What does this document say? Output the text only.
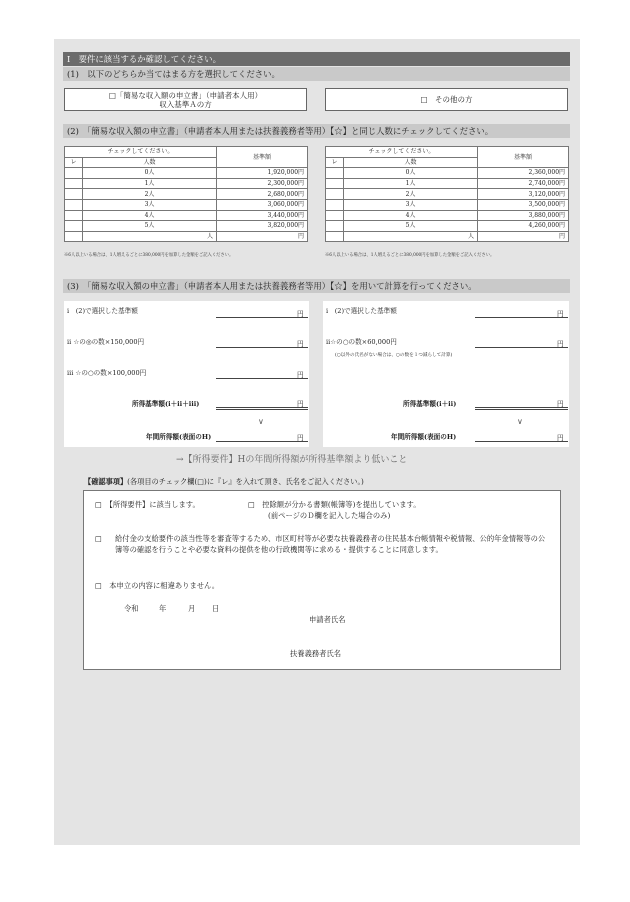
Ⅰ　要件に該当するか確認してください。
(1)　以下のどちらか当てはまる方を選択してください。
□「簡易な収入額の申立書」（申請者本人用）
収入基準Ａの方
□　その他の方
(2)　「簡易な収入額の申立書」（申請者本人用または扶養義務者等用）【☆】と同じ人数にチェックしてください。
チェックしてください。		基準額
レ	人数	
	0人	1,920,000円
	1人	2,300,000円
	2人	2,680,000円
	3人	3,060,000円
	4人	3,440,000円
	5人	3,820,000円
	人	円
※6人以上いる場合は、1人増えるごとに380,000円を加算した金額をご記入ください。
チェックしてください。		基準額
レ	人数	
	0人	2,360,000円
	1人	2,740,000円
	2人	3,120,000円
	3人	3,500,000円
	4人	3,880,000円
	5人	4,260,000円
	人	円
※6人以上いる場合は、1人増えるごとに380,000円を加算した金額をご記入ください。
(3)　「簡易な収入額の申立書」（申請者本人用または扶養義務者等用）【☆】を用いて計算を行ってください。
ⅰ　(2)で選択した基準額	円
ⅱ ☆の◎の数×150,000円	円
ⅲ ☆の○の数×100,000円	円
所得基準額(ⅰ＋ⅱ＋ⅲ)	円
∨
年間所得額(表面のH)	円
ⅰ　(2)で選択した基準額	円
ⅱ☆の○の数×60,000円	円
(○以外の氏名がない場合は、○の数を１つ減らして計算)
所得基準額(ⅰ＋ⅱ)	円
∨
年間所得額(表面のH)	円
→【所得要件】Hの年間所得額が所得基準額より低いこと
【確認事項】(各項目のチェック欄(□)に『レ』を入れて頂き、氏名をご記入ください。)
□　【所得要件】に該当します。	□　控除額が分かる書類(帳簿等)を提出しています。
(前ページのＤ欄を記入した場合のみ)
□ 給付金の支給要件の該当性等を審査等するため、市区町村等が必要な扶養義務者の住民基本台帳情報や税情報、公的年金情報等の公簿等の確認を行うことや必要な資料の提供を他の行政機関等に求める・提供することに同意します。
□　本申立の内容に相違ありません。
令和	年	月 日
申請者氏名
扶養義務者氏名
